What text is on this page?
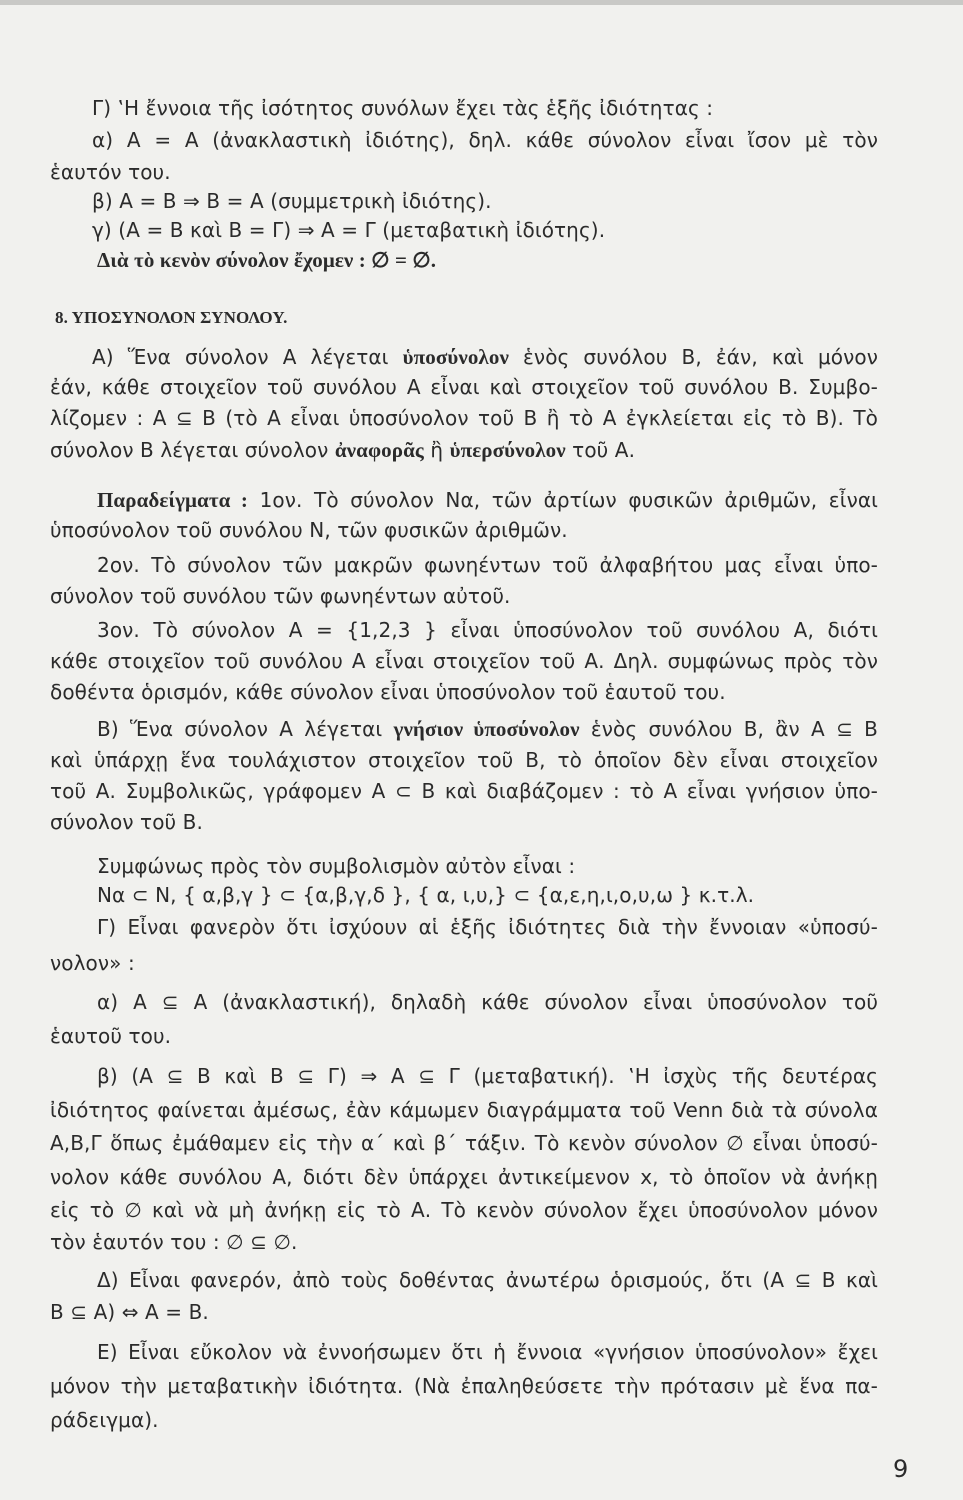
Γ) ‛Η ἔννοια τῆς ἰσότητος συνόλων ἔχει τὰς ἑξῆς ἰδιότητας :
α) A = A (ἀνακλαστικὴ ἰδιότης), δηλ. κάθε σύνολον εἶναι ἴσον μὲ τὸν
ἑαυτόν του.
β) A = B ⇒ B = A (συμμετρικὴ ἰδιότης).
γ) (A = B καὶ B = Γ) ⇒ A = Γ (μεταβατικὴ ἰδιότης).
Διὰ τὸ κενὸν σύνολον ἔχομεν : ∅ = ∅.
8. ΥΠΟΣΥΝΟΛΟΝ ΣΥΝΟΛΟΥ.
Α) Ἕνα σύνολον Α λέγεται ὑποσύνολον ἑνὸς συνόλου Β, ἐάν, καὶ μόνον
ἐάν, κάθε στοιχεῖον τοῦ συνόλου Α εἶναι καὶ στοιχεῖον τοῦ συνόλου Β. Συμβο-
λίζομεν : A ⊆ B (τὸ Α εἶναι ὑποσύνολον τοῦ Β ἢ τὸ Α ἐγκλείεται εἰς τὸ Β). Τὸ
σύνολον Β λέγεται σύνολον ἀναφορᾶς ἢ ὑπερσύνολον τοῦ Α.
Παραδείγματα : 1ον. Τὸ σύνολον Nα, τῶν ἀρτίων φυσικῶν ἀριθμῶν, εἶναι
ὑποσύνολον τοῦ συνόλου N, τῶν φυσικῶν ἀριθμῶν.
2ον. Τὸ σύνολον τῶν μακρῶν φωνηέντων τοῦ ἀλφαβήτου μας εἶναι ὑπο-
σύνολον τοῦ συνόλου τῶν φωνηέντων αὐτοῦ.
3ον. Τὸ σύνολον A = {1,2,3 } εἶναι ὑποσύνολον τοῦ συνόλου Α, διότι
κάθε στοιχεῖον τοῦ συνόλου Α εἶναι στοιχεῖον τοῦ Α. Δηλ. συμφώνως πρὸς τὸν
δοθέντα ὁρισμόν, κάθε σύνολον εἶναι ὑποσύνολον τοῦ ἑαυτοῦ του.
Β) Ἕνα σύνολον Α λέγεται γνήσιον ὑποσύνολον ἑνὸς συνόλου Β, ἂν A ⊆ B
καὶ ὑπάρχῃ ἕνα τουλάχιστον στοιχεῖον τοῦ Β, τὸ ὁποῖον δὲν εἶναι στοιχεῖον
τοῦ Α. Συμβολικῶς, γράφομεν A ⊂ B καὶ διαβάζομεν : τὸ Α εἶναι γνήσιον ὑπο-
σύνολον τοῦ Β.
Συμφώνως πρὸς τὸν συμβολισμὸν αὐτὸν εἶναι :
Nα ⊂ N, { α,β,γ } ⊂ {α,β,γ,δ }, { α, ι,υ,} ⊂ {α,ε,η,ι,ο,υ,ω } κ.τ.λ.
Γ) Εἶναι φανερὸν ὅτι ἰσχύουν αἱ ἑξῆς ἰδιότητες διὰ τὴν ἔννοιαν «ὑποσύ-
νολον» :
α) A ⊆ A (ἀνακλαστική), δηλαδὴ κάθε σύνολον εἶναι ὑποσύνολον τοῦ
ἑαυτοῦ του.
β) (A ⊆ B καὶ B ⊆ Γ) ⇒ A ⊆ Γ (μεταβατική). ‛Η ἰσχὺς τῆς δευτέρας
ἰδιότητος φαίνεται ἀμέσως, ἐὰν κάμωμεν διαγράμματα τοῦ Venn διὰ τὰ σύνολα
Α,Β,Γ ὅπως ἐμάθαμεν εἰς τὴν α΄ καὶ β΄ τάξιν. Τὸ κενὸν σύνολον ∅ εἶναι ὑποσύ-
νολον κάθε συνόλου Α, διότι δὲν ὑπάρχει ἀντικείμενον x, τὸ ὁποῖον νὰ ἀνήκῃ
εἰς τὸ ∅ καὶ νὰ μὴ ἀνήκῃ εἰς τὸ Α. Τὸ κενὸν σύνολον ἔχει ὑποσύνολον μόνον
τὸν ἑαυτόν του : ∅ ⊆ ∅.
Δ) Εἶναι φανερόν, ἀπὸ τοὺς δοθέντας ἀνωτέρω ὁρισμούς, ὅτι (A ⊆ B καὶ
B ⊆ A) ⇔ A = B.
Ε) Εἶναι εὔκολον νὰ ἐννοήσωμεν ὅτι ἡ ἔννοια «γνήσιον ὑποσύνολον» ἔχει
μόνον τὴν μεταβατικὴν ἰδιότητα. (Νὰ ἐπαληθεύσετε τὴν πρότασιν μὲ ἕνα πα-
ράδειγμα).
9
